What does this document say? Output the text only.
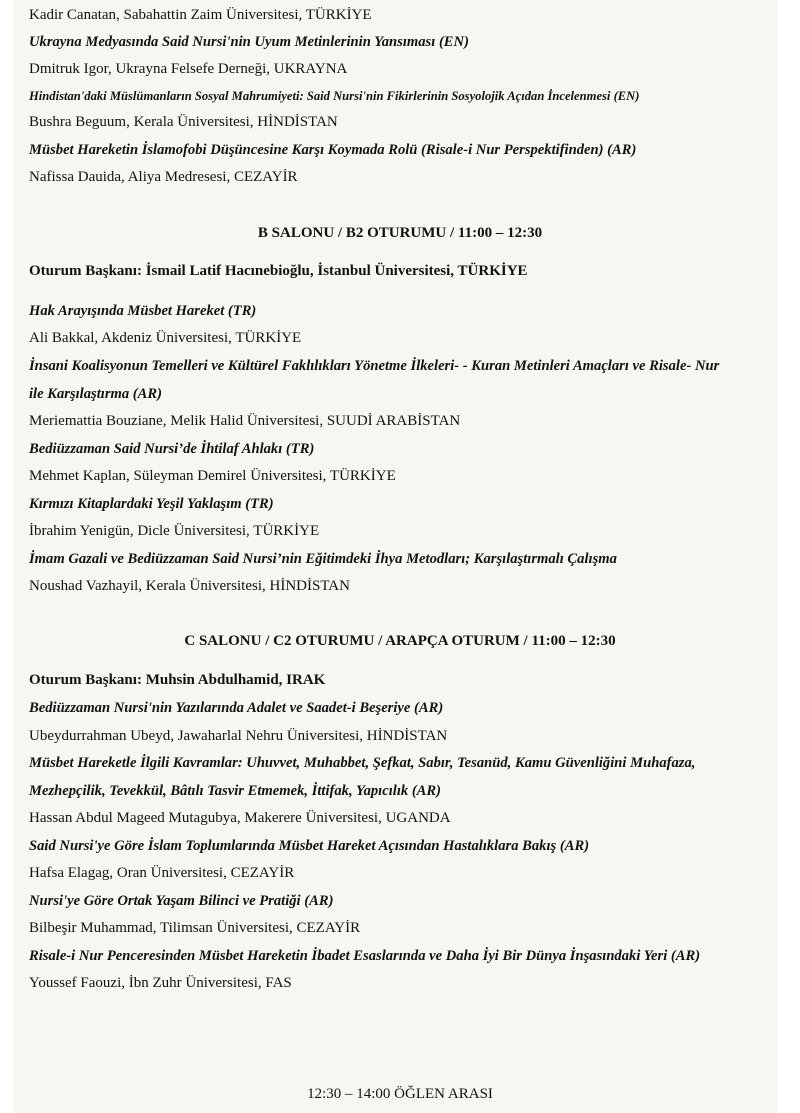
Kadir Canatan, Sabahattin Zaim Üniversitesi, TÜRKİYE
Ukrayna Medyasında Said Nursi'nin Uyum Metinlerinin Yansıması (EN)
Dmitruk Igor, Ukrayna Felsefe Derneği, UKRAYNA
Hindistan'daki Müslümanların Sosyal Mahrumiyeti: Said Nursi'nin Fikirlerinin Sosyolojik Açıdan İncelenmesi (EN)
Bushra Beguum, Kerala Üniversitesi, HİNDİSTAN
Müsbet Hareketin İslamofobi Düşüncesine Karşı Koymada Rolü (Risale-i Nur Perspektifinden) (AR)
Nafissa Dauida, Aliya Medresesi, CEZAYİR
B SALONU / B2 OTURUMU / 11:00 – 12:30
Oturum Başkanı: İsmail Latif Hacınebioğlu, İstanbul Üniversitesi, TÜRKİYE
Hak Arayışında Müsbet Hareket (TR)
Ali Bakkal, Akdeniz Üniversitesi, TÜRKİYE
İnsani Koalisyonun Temelleri ve Kültürel Faklılıkları Yönetme İlkeleri- - Kuran Metinleri Amaçları ve Risale- Nur
ile Karşılaştırma (AR)
Meriemattia Bouziane, Melik Halid Üniversitesi, SUUDİ ARABİSTAN
Bediüzzaman Said Nursi’de İhtilaf Ahlakı (TR)
Mehmet Kaplan, Süleyman Demirel Üniversitesi, TÜRKİYE
Kırmızı Kitaplardaki Yeşil Yaklaşım (TR)
İbrahim Yenigün, Dicle Üniversitesi, TÜRKİYE
İmam Gazali ve Bediüzzaman Said Nursi’nin Eğitimdeki İhya Metodları; Karşılaştırmalı Çalışma
Noushad Vazhayil, Kerala Üniversitesi, HİNDİSTAN
C SALONU / C2 OTURUMU / ARAPÇA OTURUM / 11:00 – 12:30
Oturum Başkanı: Muhsin Abdulhamid, IRAK
Bediüzzaman Nursi'nin Yazılarında Adalet ve Saadet-i Beşeriye (AR)
Ubeydurrahman Ubeyd, Jawaharlal Nehru Üniversitesi, HİNDİSTAN
Müsbet Hareketle İlgili Kavramlar: Uhuvvet, Muhabbet, Şefkat, Sabır, Tesanüd, Kamu Güvenliğini Muhafaza,
Mezhepçilik, Tevekkül, Bâtılı Tasvir Etmemek, İttifak, Yapıcılık (AR)
Hassan Abdul Mageed Mutagubya, Makerere Üniversitesi, UGANDA
Said Nursi'ye Göre İslam Toplumlarında Müsbet Hareket Açısından Hastalıklara Bakış (AR)
Hafsa Elagag, Oran Üniversitesi, CEZAYİR
Nursi'ye Göre Ortak Yaşam Bilinci ve Pratiği (AR)
Bilbeşir Muhammad, Tilimsan Üniversitesi, CEZAYİR
Risale-i Nur Penceresinden Müsbet Hareketin İbadet Esaslarında ve Daha İyi Bir Dünya İnşasındaki Yeri (AR)
Youssef Faouzi, İbn Zuhr Üniversitesi, FAS
12:30 – 14:00 ÖĞLEN ARASI
